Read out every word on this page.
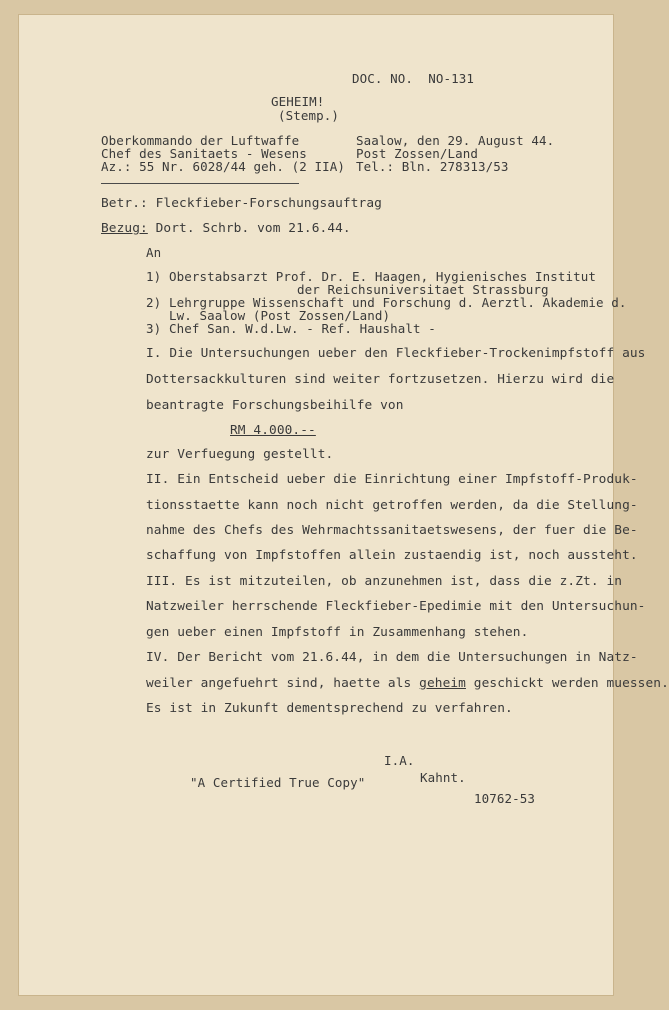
DOC. NO.  NO-131
GEHEIM!
(Stemp.)
Oberkommando der Luftwaffe
Chef des Sanitaets - Wesens
Az.: 55 Nr. 6028/44 geh. (2 IIA)
Saalow, den 29. August 44.
Post Zossen/Land
Tel.: Bln. 278313/53
Betr.: Fleckfieber-Forschungsauftrag
Bezug: Dort. Schrb. vom 21.6.44.
An
1) Oberstabsarzt Prof. Dr. E. Haagen, Hygienisches Institut
der Reichsuniversitaet Strassburg
2) Lehrgruppe Wissenschaft und Forschung d. Aerztl. Akademie d.
Lw. Saalow (Post Zossen/Land)
3) Chef San. W.d.Lw. - Ref. Haushalt -
I. Die Untersuchungen ueber den Fleckfieber-Trockenimpfstoff aus
Dottersackkulturen sind weiter fortzusetzen. Hierzu wird die
beantragte Forschungsbeihilfe von
RM 4.000.--
zur Verfuegung gestellt.
II. Ein Entscheid ueber die Einrichtung einer Impfstoff-Produk-
tionsstaette kann noch nicht getroffen werden, da die Stellung-
nahme des Chefs des Wehrmachtssanitaetswesens, der fuer die Be-
schaffung von Impfstoffen allein zustaendig ist, noch aussteht.
III. Es ist mitzuteilen, ob anzunehmen ist, dass die z.Zt. in
Natzweiler herrschende Fleckfieber-Epedimie mit den Untersuchun-
gen ueber einen Impfstoff in Zusammenhang stehen.
IV. Der Bericht vom 21.6.44, in dem die Untersuchungen in Natz-
weiler angefuehrt sind, haette als geheim geschickt werden muessen.
Es ist in Zukunft dementsprechend zu verfahren.
I.A.
"A Certified True Copy"	Kahnt.
10762-53
